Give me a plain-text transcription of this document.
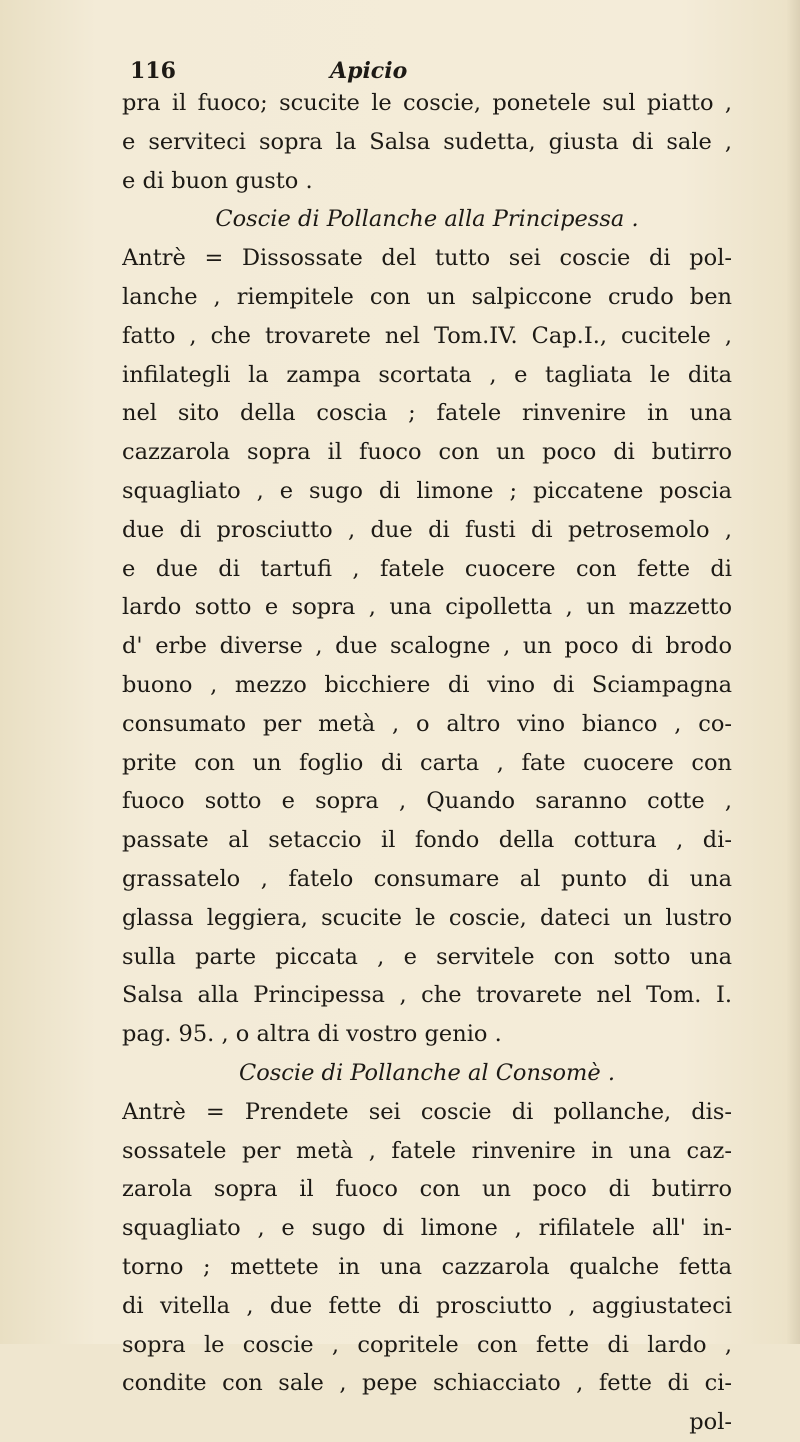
116	Apicio
pra il fuoco; scucite le coscie, ponetele sul piatto ,
e serviteci sopra la Salsa sudetta, giusta di sale ,
e di buon gusto .
Coscie di Pollanche alla Principessa .
Antrè = Dissossate del tutto sei coscie di pol-
lanche , riempitele con un salpiccone crudo ben
fatto , che trovarete nel Tom.IV. Cap.I., cucitele ,
infilategli la zampa scortata , e tagliata le dita
nel sito della coscia ; fatele rinvenire in una
cazzarola sopra il fuoco con un poco di butirro
squagliato , e sugo di limone ; piccatene poscia
due di prosciutto , due di fusti di petrosemolo ,
e due di tartufi , fatele cuocere con fette di
lardo sotto e sopra , una cipolletta , un mazzetto
d' erbe diverse , due scalogne , un poco di brodo
buono , mezzo bicchiere di vino di Sciampagna
consumato per metà , o altro vino bianco , co-
prite con un foglio di carta , fate cuocere con
fuoco sotto e sopra , Quando saranno cotte ,
passate al setaccio il fondo della cottura , di-
grassatelo , fatelo consumare al punto di una
glassa leggiera, scucite le coscie, dateci un lustro
sulla parte piccata , e servitele con sotto una
Salsa alla Principessa , che trovarete nel Tom. I.
pag. 95. , o altra di vostro genio .
Coscie di Pollanche al Consomè .
Antrè = Prendete sei coscie di pollanche, dis-
sossatele per metà , fatele rinvenire in una caz-
zarola sopra il fuoco con un poco di butirro
squagliato , e sugo di limone , rifilatele all' in-
torno ; mettete in una cazzarola qualche fetta
di vitella , due fette di prosciutto , aggiustateci
sopra le coscie , copritele con fette di lardo ,
condite con sale , pepe schiacciato , fette di ci-
pol-
